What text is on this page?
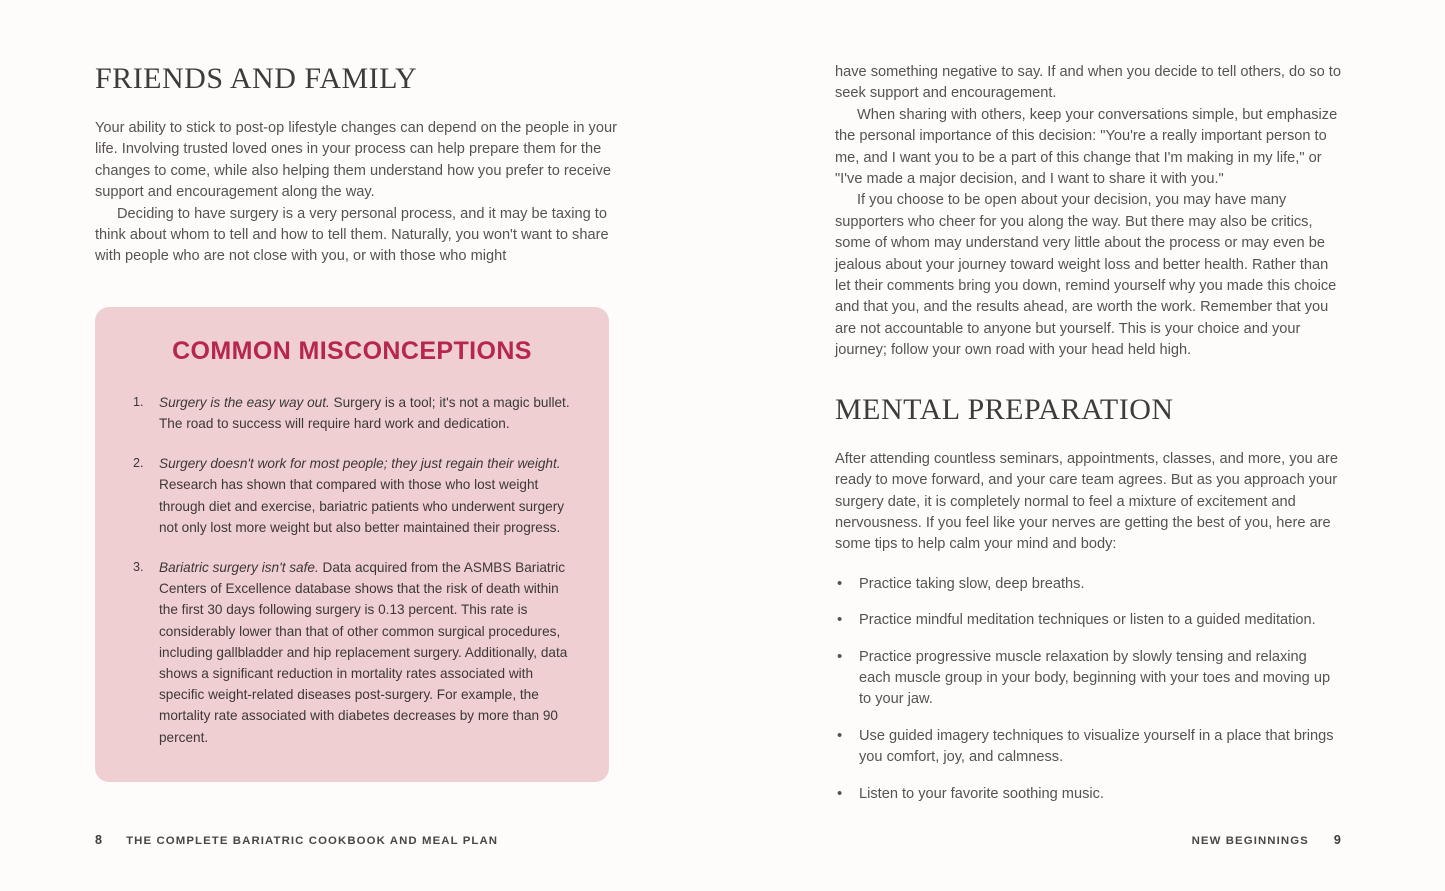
FRIENDS AND FAMILY

Your ability to stick to post-op lifestyle changes can depend on the people in your life. Involving trusted loved ones in your process can help prepare them for the changes to come, while also helping them understand how you prefer to receive support and encouragement along the way.

Deciding to have surgery is a very personal process, and it may be taxing to think about whom to tell and how to tell them. Naturally, you won't want to share with people who are not close with you, or with those who might

COMMON MISCONCEPTIONS
Surgery is the easy way out. Surgery is a tool; it's not a magic bullet. The road to success will require hard work and dedication.
Surgery doesn't work for most people; they just regain their weight. Research has shown that compared with those who lost weight through diet and exercise, bariatric patients who underwent surgery not only lost more weight but also better maintained their progress.
Bariatric surgery isn't safe. Data acquired from the ASMBS Bariatric Centers of Excellence database shows that the risk of death within the first 30 days following surgery is 0.13 percent. This rate is considerably lower than that of other common surgical procedures, including gallbladder and hip replacement surgery. Additionally, data shows a significant reduction in mortality rates associated with specific weight-related diseases post-surgery. For example, the mortality rate associated with diabetes decreases by more than 90 percent.
8 THE COMPLETE BARIATRIC COOKBOOK AND MEAL PLAN

have something negative to say. If and when you decide to tell others, do so to seek support and encouragement.

When sharing with others, keep your conversations simple, but emphasize the personal importance of this decision: "You're a really important person to me, and I want you to be a part of this change that I'm making in my life," or "I've made a major decision, and I want to share it with you."

If you choose to be open about your decision, you may have many supporters who cheer for you along the way. But there may also be critics, some of whom may understand very little about the process or may even be jealous about your journey toward weight loss and better health. Rather than let their comments bring you down, remind yourself why you made this choice and that you, and the results ahead, are worth the work. Remember that you are not accountable to anyone but yourself. This is your choice and your journey; follow your own road with your head held high.

MENTAL PREPARATION

After attending countless seminars, appointments, classes, and more, you are ready to move forward, and your care team agrees. But as you approach your surgery date, it is completely normal to feel a mixture of excitement and nervousness. If you feel like your nerves are getting the best of you, here are some tips to help calm your mind and body:

• Practice taking slow, deep breaths.
• Practice mindful meditation techniques or listen to a guided meditation.
• Practice progressive muscle relaxation by slowly tensing and relaxing each muscle group in your body, beginning with your toes and moving up to your jaw.
• Use guided imagery techniques to visualize yourself in a place that brings you comfort, joy, and calmness.
• Listen to your favorite soothing music.
NEW BEGINNINGS 9
